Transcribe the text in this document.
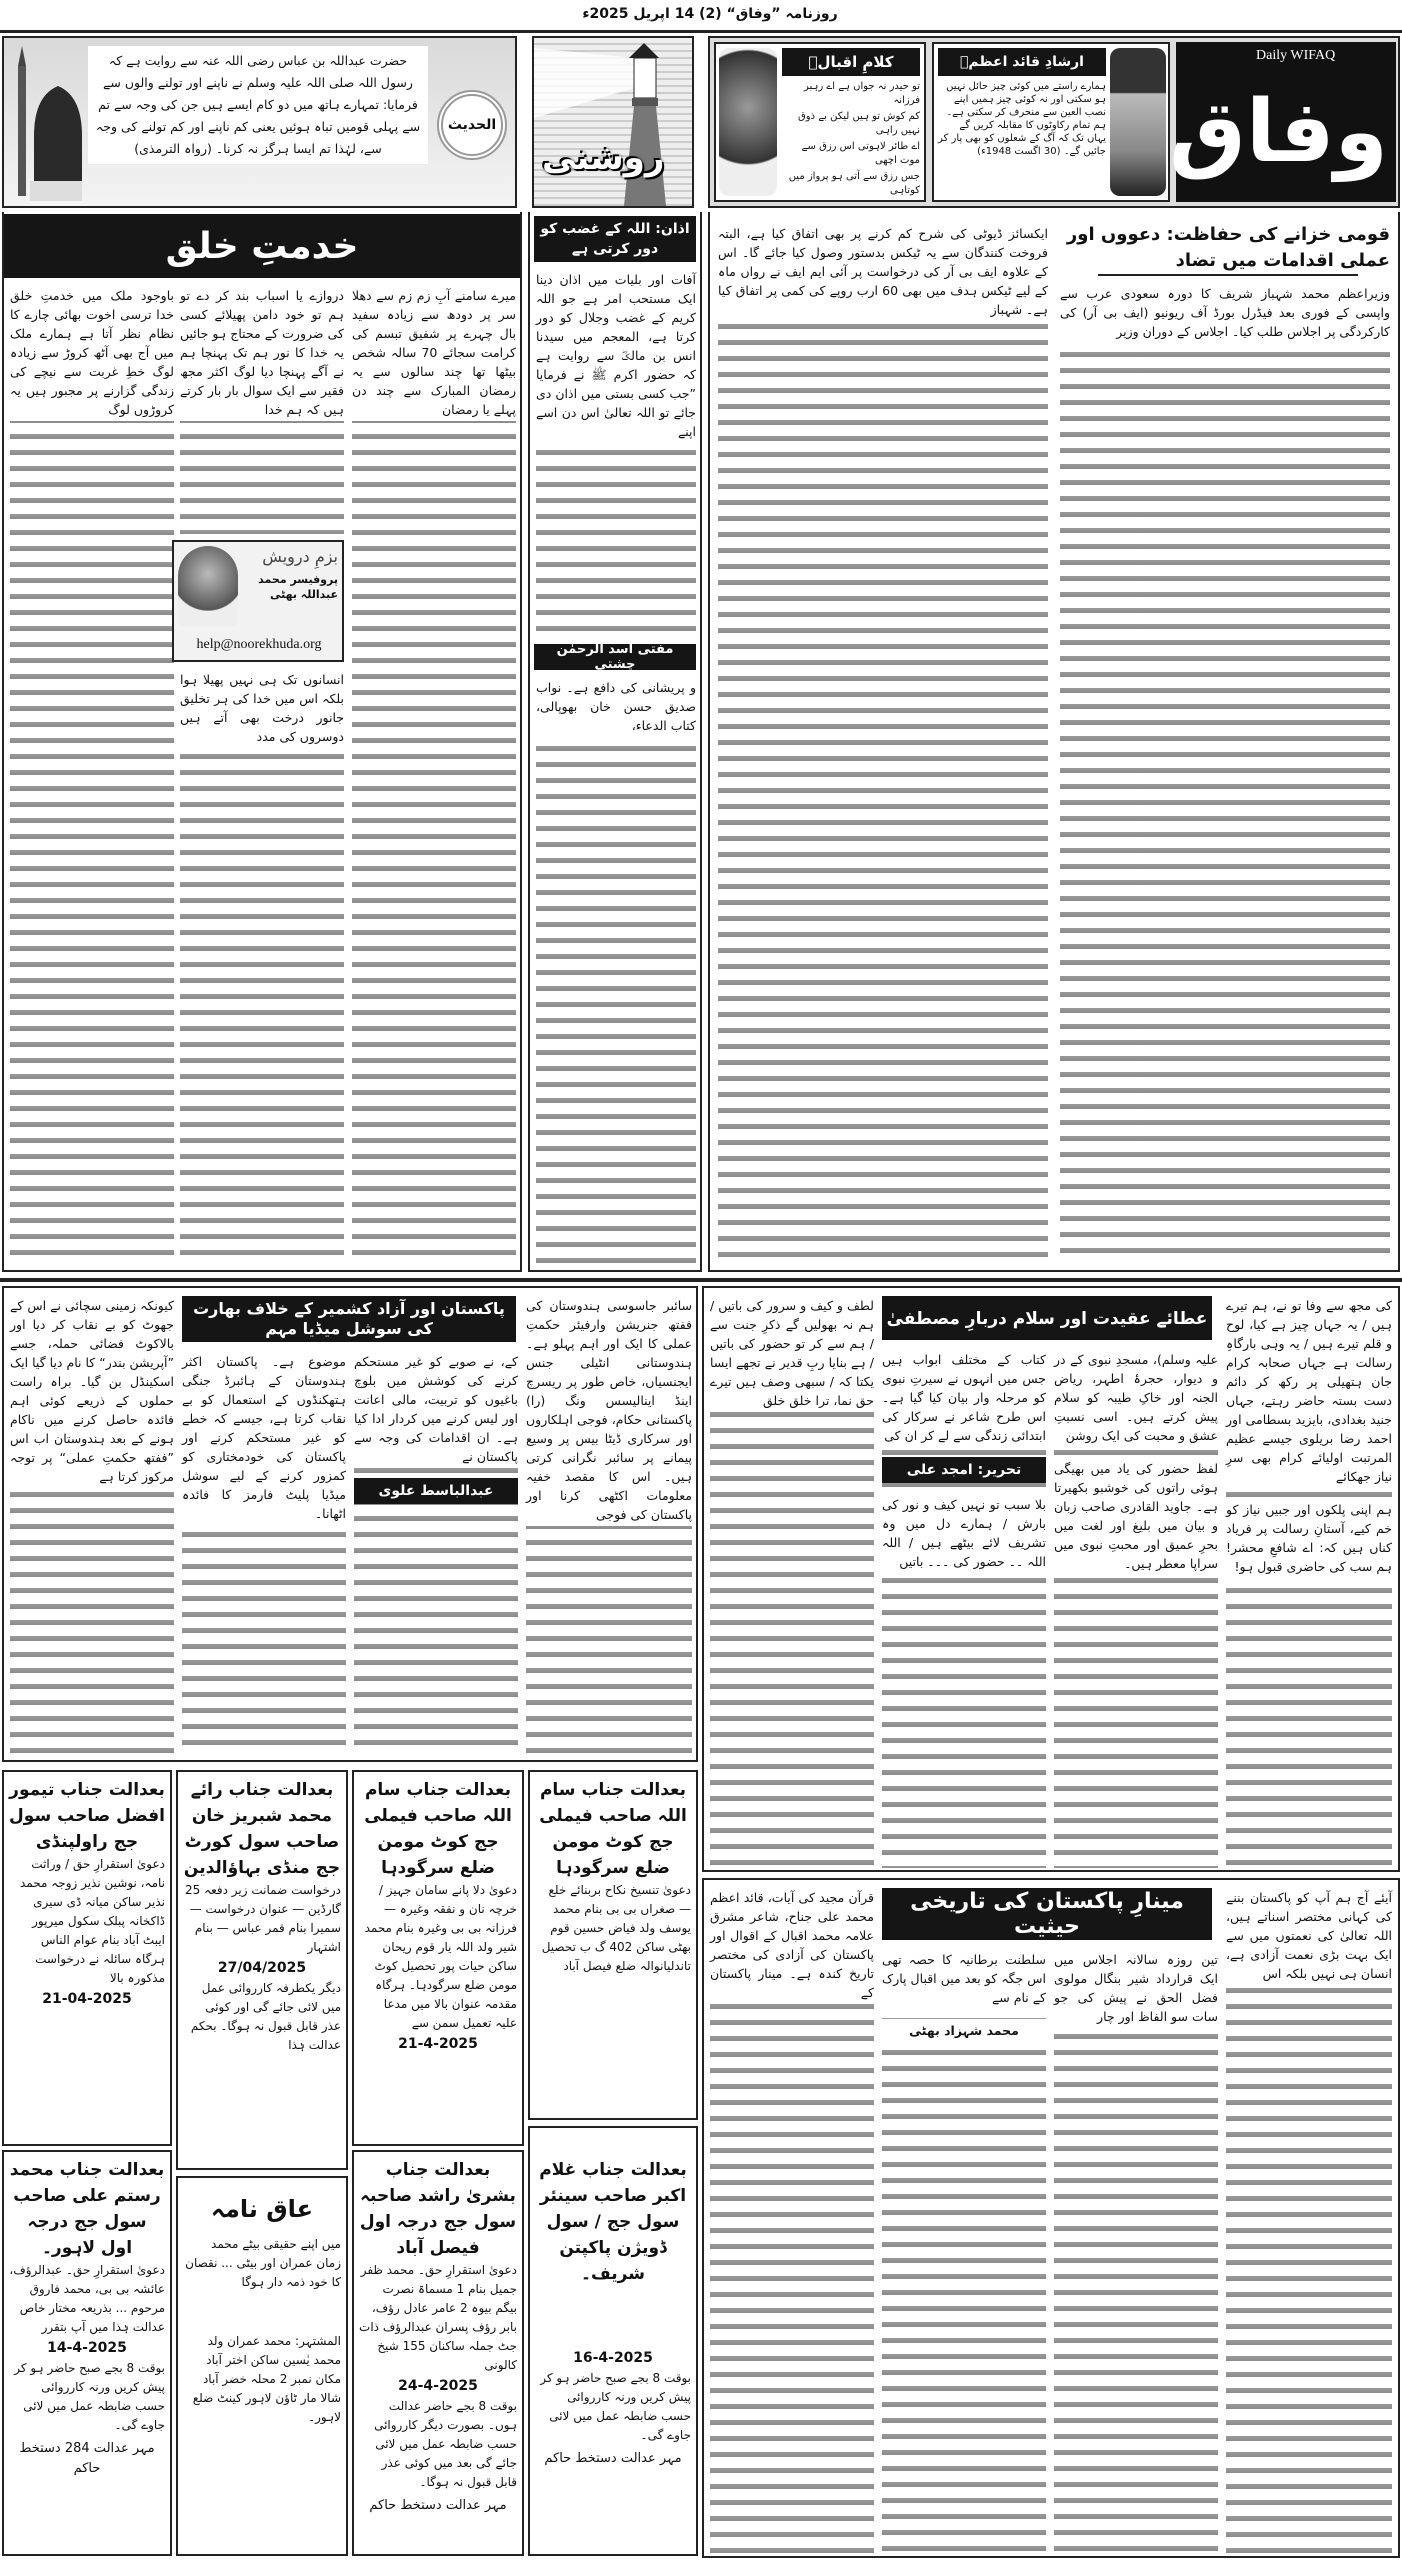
روزنامہ ”وفاق“ (2) 14 اپریل 2025ء
حضرت عبداللہ بن عباس رضی اللہ عنہ سے روایت ہے کہ رسول اللہ صلی اللہ علیہ وسلم نے ناپنے اور تولنے والوں سے فرمایا: تمہارے ہاتھ میں دو کام ایسے ہیں جن کی وجہ سے تم سے پہلی قومیں تباہ ہوئیں یعنی کم ناپنے اور کم تولنے کی وجہ سے، لہٰذا تم ایسا ہرگز نہ کرنا۔ (رواہ الترمذی)
الحدیث
روشنی
کلامِ اقبالؒ
تو حیدر نہ جواں ہے اے رہبر فرزانہ
کم کوش تو ہیں لیکن بے ذوق نہیں راہی
اے طائر لاہوتی اس رزق سے موت اچھی
جس رزق سے آتی ہو پرواز میں کوتاہی
ارشادِ قائد اعظمؒ
ہمارے راستے میں کوئی چیز حائل نہیں ہو سکتی اور نہ کوئی چیز ہمیں اپنے نصب العین سے منحرف کر سکتی ہے۔ ہم تمام رکاوٹوں کا مقابلہ کریں گے یہاں تک کہ آگ کے شعلوں کو بھی پار کر جائیں گے۔ (30 اگست 1948ء)
Daily WIFAQ
وفاق
قومی خزانے کی حفاظت: دعووں اور عملی اقدامات میں تضاد

وزیراعظم محمد شہباز شریف کا دورہ سعودی عرب سے واپسی کے فوری بعد فیڈرل بورڈ آف ریونیو (ایف بی آر) کی کارکردگی پر اجلاس طلب کیا۔ اجلاس کے دوران وزیر

ایکسائز ڈیوٹی کی شرح کم کرنے پر بھی اتفاق کیا ہے، البتہ فروخت کنندگان سے یہ ٹیکس بدستور وصول کیا جائے گا۔ اس کے علاوہ ایف بی آر کی درخواست پر آئی ایم ایف نے رواں ماہ کے لیے ٹیکس ہدف میں بھی 60 ارب روپے کی کمی پر اتفاق کیا ہے۔ شہباز

خدمتِ خلق

میرے سامنے آبِ زم زم سے دھلا سر پر دودھ سے زیادہ سفید بال چہرے پر شفیق تبسم کی کرامت سجائے 70 سالہ شخص بیٹھا تھا چند سالوں سے یہ رمضان المبارک سے چند دن پہلے یا رمضان

دروازے یا اسباب بند کر دے تو ہم تو خود دامن پھیلائے کسی کی ضرورت کے محتاج ہو جائیں یہ خدا کا نور ہم تک پہنچا ہم نے آگے پہنچا دیا لوگ اکثر مجھ فقیر سے ایک سوال بار بار کرتے ہیں کہ ہم خدا

انسانوں تک ہی نہیں پھیلا ہوا بلکہ اس میں خدا کی ہر تخلیق جانور درخت بھی آتے ہیں دوسروں کی مدد

باوجود ملک میں خدمتِ خلق خدا ترسی اخوت بھائی چارے کا نظام نظر آتا ہے ہمارے ملک میں آج بھی آٹھ کروڑ سے زیادہ لوگ خطِ غربت سے نیچے کی زندگی گزارنے پر مجبور ہیں یہ کروڑوں لوگ

بزمِ درویش
پروفیسر محمد عبداللہ بھٹی
help@noorekhuda.org
اذان: اللہ کے غضب کو دور کرتی ہے

آفات اور بلیات میں اذان دینا ایک مستحب امر ہے جو اللہ کریم کے غضب وجلال کو دور کرتا ہے، المعجم میں سیدنا انس بن مالکؓ سے روایت ہے کہ حضور اکرم ﷺ نے فرمایا ”جب کسی بستی میں اذان دی جائے تو اللہ تعالیٰ اس دن اسے اپنے

مفتی اسد الرحمٰن چشتی

و پریشانی کی دافع ہے۔ نواب صدیق حسن خان بھوپالی، کتاب الدعاء،

پاکستان اور آزاد کشمیر کے خلاف بھارت کی سوشل میڈیا مہم

سائبر جاسوسی ہندوستان کی ففتھ جنریشن وارفیئر حکمتِ عملی کا ایک اور اہم پہلو ہے۔ ہندوستانی انٹیلی جنس ایجنسیاں، خاص طور پر ریسرچ اینڈ اینالیسس ونگ (را) پاکستانی حکام، فوجی اہلکاروں اور سرکاری ڈیٹا بیس پر وسیع پیمانے پر سائبر نگرانی کرتی ہیں۔ اس کا مقصد خفیہ معلومات اکٹھی کرنا اور پاکستان کی فوجی

کے، نے صوبے کو غیر مستحکم کرنے کی کوشش میں بلوچ باغیوں کو تربیت، مالی اعانت اور لیس کرنے میں کردار ادا کیا ہے۔ ان اقدامات کی وجہ سے پاکستان نے

عبدالباسط علوی

موضوع ہے۔ پاکستان اکثر ہندوستان کے ہائبرڈ جنگی ہتھکنڈوں کے استعمال کو بے نقاب کرتا ہے، جیسے کہ خطے کو غیر مستحکم کرنے اور پاکستان کی خودمختاری کو کمزور کرنے کے لیے سوشل میڈیا پلیٹ فارمز کا فائدہ اٹھانا۔

کیونکہ زمینی سچائی نے اس کے جھوٹ کو بے نقاب کر دیا اور بالاکوٹ فضائی حملہ، جسے ”آپریشن بندر“ کا نام دیا گیا ایک اسکینڈل بن گیا۔ براہ راست حملوں کے ذریعے کوئی اہم فائدہ حاصل کرنے میں ناکام ہونے کے بعد ہندوستان اب اس ”ففتھ حکمتِ عملی“ پر توجہ مرکوز کرتا ہے

عطائے عقیدت اور سلام دربارِ مصطفیٰ

کی مجھ سے وفا تو نے، ہم تیرے ہیں / یہ جہاں چیز ہے کیا، لوح و قلم تیرے ہیں / یہ وہی بارگاہِ رسالت ہے جہاں صحابہ کرام جان ہتھیلی پر رکھ کر دائم دست بستہ حاضر رہتے، جہاں جنید بغدادی، بایزید بسطامی اور احمد رضا بریلوی جیسے عظیم المرتبت اولیائے کرام بھی سرِ نیاز جھکائے

ہم اپنی پلکوں اور جبیں نیاز کو خم کیے، آستانِ رسالت پر فریاد کناں ہیں کہ: اے شافعِ محشر! ہم سب کی حاضری قبول ہو!

علیہ وسلم)، مسجدِ نبوی کے در و دیوار، حجرۂ اطہر، ریاض الجنہ اور خاکِ طیبہ کو سلام پیش کرتے ہیں۔ اسی نسبتِ عشق و محبت کی ایک روشن

لفظ حضور کی یاد میں بھیگی ہوئی راتوں کی خوشبو بکھیرتا ہے۔ جاوید القادری صاحب زبان و بیان میں بلیغ اور لغت میں بحرِ عمیق اور محبتِ نبوی میں سراپا معطر ہیں۔

کتاب کے مختلف ابواب ہیں جس میں انہوں نے سیرتِ نبوی کو مرحلہ وار بیان کیا گیا ہے۔ اس طرح شاعر نے سرکار کی ابتدائی زندگی سے لے کر ان کی

تحریر: امجد علی

بلا سبب تو نہیں کیف و نور کی بارش / ہمارے دل میں وہ تشریف لائے بیٹھے ہیں / اللہ اللہ ۔۔ حضور کی ۔۔۔ باتیں

لطف و کیف و سرور کی باتیں / ہم نہ بھولیں گے ذکرِ جنت سے / ہم سے کر تو حضور کی باتیں / ہے بنایا ربِ قدیر نے تجھے ایسا یکتا کہ / سبھی وصف ہیں تیرے حق نما، ترا خلق خلق

مینارِ پاکستان کی تاریخی حیثیت

آیئے آج ہم آپ کو پاکستان بننے کی کہانی مختصر اسناتے ہیں، اللہ تعالیٰ کی نعمتوں میں سے ایک بہت بڑی نعمت آزادی ہے، انسان ہی نہیں بلکہ اس

تین روزہ سالانہ اجلاس میں ایک قرارداد شیر بنگال مولوی فضل الحق نے پیش کی جو سات سو الفاظ اور چار

سلطنت برطانیہ کا حصہ تھی اس جگہ کو بعد میں اقبال پارک کے نام سے

محمد شہزاد بھٹی

قرآن مجید کی آیات، قائد اعظم محمد علی جناح، شاعر مشرق علامہ محمد اقبال کے اقوال اور پاکستان کی آزادی کی مختصر تاریخ کندہ ہے۔ مینار پاکستان کے

بعدالت جناب سام اللہ صاحب فیملی جج کوٹ مومن ضلع سرگودہا
دعویٰ تنسیخ نکاح بربنائے خلع — صغراں بی بی بنام محمد یوسف ولد فیاض حسین قوم بھٹی ساکن 402 گ ب تحصیل تاندلیانوالہ ضلع فیصل آباد
بعدالت جناب سام اللہ صاحب فیملی جج کوٹ مومن ضلع سرگودہا
دعویٰ دلا پانے سامان جہیز / خرچہ نان و نفقہ وغیرہ — فرزانہ بی بی وغیرہ بنام محمد شیر ولد اللہ یار قوم ریحان ساکن حیات پور تحصیل کوٹ مومن ضلع سرگودہا۔ ہرگاہ مقدمہ عنوان بالا میں مدعا علیہ تعمیل سمن سے
21-4-2025
بعدالت جناب رائے محمد شبریز خان صاحب سول کورٹ جج منڈی بہاؤالدین
درخواست ضمانت زیر دفعہ 25 گارڈین — عنوان درخواست — سمیرا بنام قمر عباس — بنام اشتہار
27/04/2025
دیگر یکطرفہ کارروائی عمل میں لائی جائے گی اور کوئی عذر قابل قبول نہ ہوگا۔ بحکم عدالت ہٰذا
بعدالت جناب تیمور افضل صاحب سول جج راولپنڈی
دعویٰ استقرارِ حق / وراثت نامہ، نوشین نذیر زوجہ محمد نذیر ساکن میانہ ڈی سیری ڈاکخانہ پبلک سکول میرپور ایبٹ آباد بنام عوام الناس ہرگاہ سائلہ نے درخواست مذکورہ بالا
21-04-2025
بعدالت جناب غلام اکبر صاحب سینئر سول جج / سول ڈویژن پاکپتن شریف۔
16-4-2025
بوقت 8 بجے صبح حاضر ہو کر پیش کریں ورنہ کارروائی حسب ضابطہ عمل میں لائی جاوے گی۔
مہر عدالت دستخط حاکم
بعدالت جناب بشریٰ راشد صاحبہ سول جج درجہ اول فیصل آباد
دعویٰ استقرارِ حق۔ محمد ظفر جمیل بنام 1 مسماۃ نصرت بیگم بیوہ 2 عامر عادل رؤف، بابر رؤف پسران عبدالرؤف ذات جٹ جملہ ساکنان 155 شیخ کالونی
24-4-2025
بوقت 8 بجے حاضر عدالت ہوں۔ بصورت دیگر کارروائی حسب ضابطہ عمل میں لائی جائے گی بعد میں کوئی عذر قابل قبول نہ ہوگا۔
مہر عدالت دستخط حاکم
عاق نامہ
میں اپنے حقیقی بیٹے محمد زمان عمران اور بیٹی ... نقصان کا خود ذمہ دار ہوگا
المشتہر: محمد عمران ولد محمد یٰسین ساکن اختر آباد مکان نمبر 2 محلہ خضر آباد شالا مار ٹاؤن لاہور کینٹ ضلع لاہور۔
بعدالت جناب محمد رستم علی صاحب سول جج درجہ اول لاہور۔
دعویٰ استقرارِ حق۔ عبدالرؤف، عائشہ بی بی، محمد فاروق مرحوم ... بذریعہ مختار خاص عدالت ہٰذا میں آپ بتقرر
14-4-2025
بوقت 8 بجے صبح حاضر ہو کر پیش کریں ورنہ کارروائی حسب ضابطہ عمل میں لائی جاوے گی۔
مہر عدالت 284 دستخط حاکم
